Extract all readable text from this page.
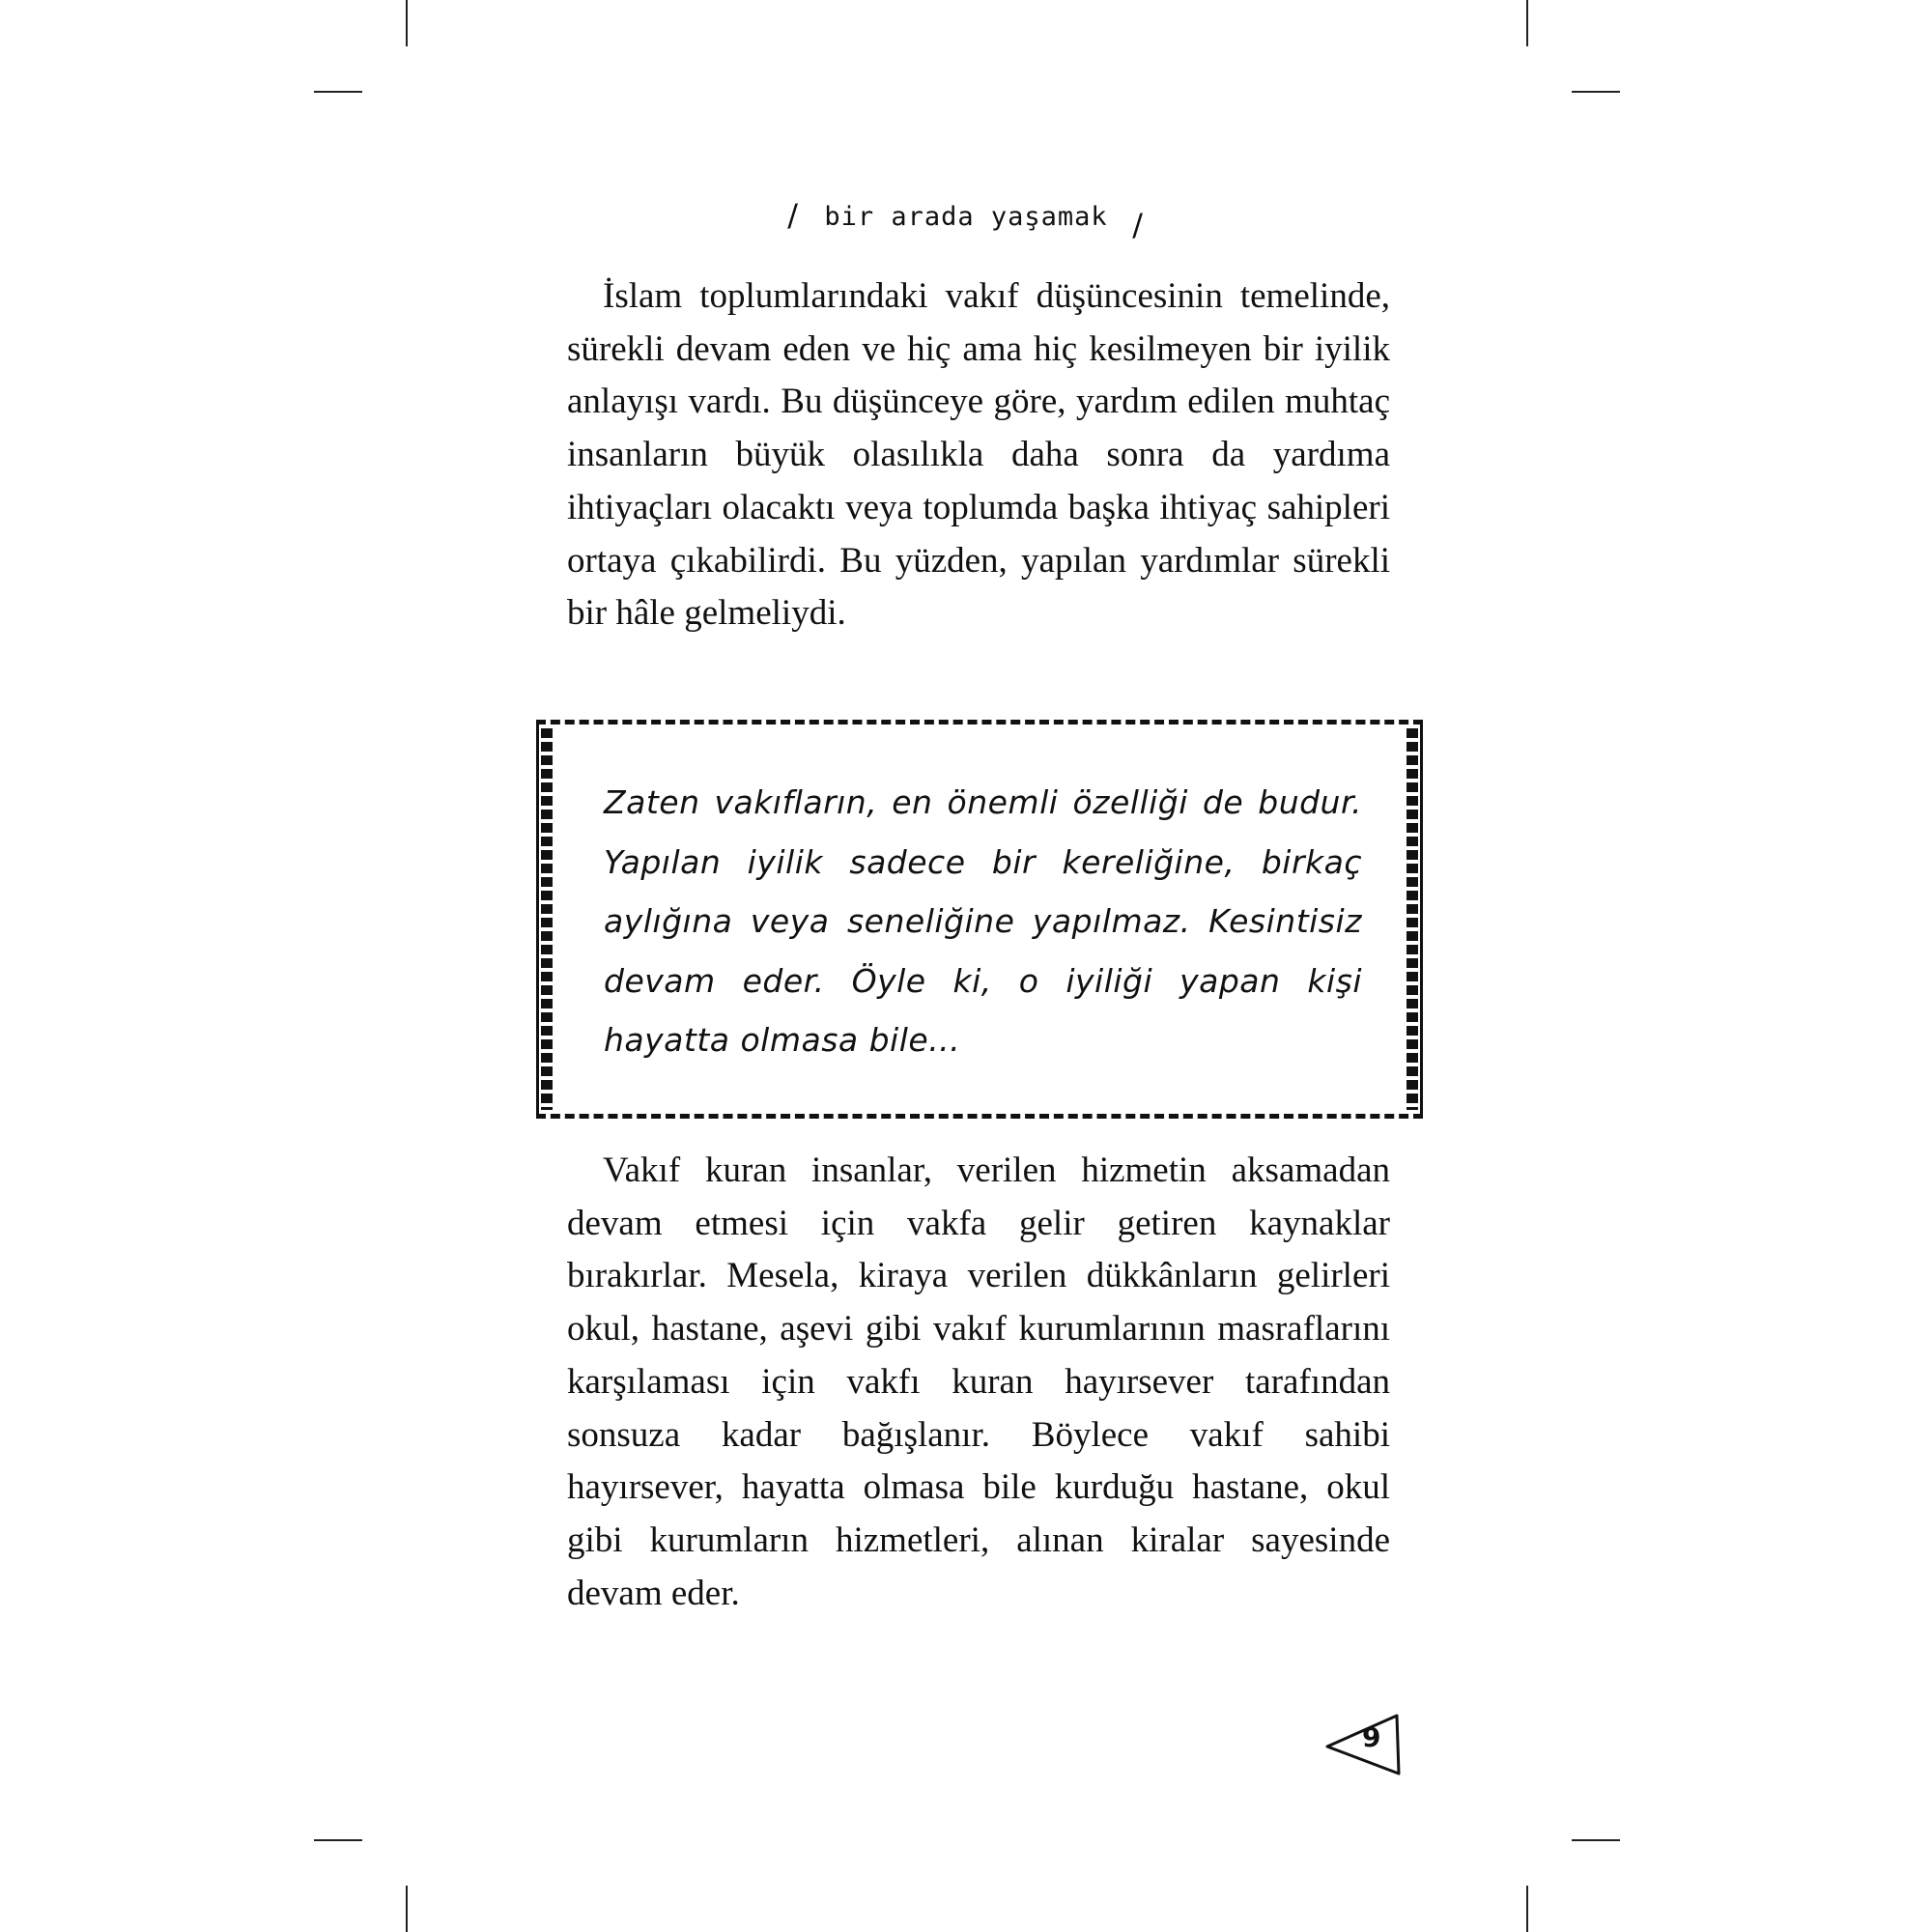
/ bir arada yaşamak /

İslam toplumlarındaki vakıf düşüncesinin temelinde, sürekli devam eden ve hiç ama hiç kesilmeyen bir iyilik anlayışı vardı. Bu düşünceye göre, yardım edilen muhtaç insanların büyük olasılıkla daha sonra da yardıma ihtiyaçları olacaktı veya toplumda başka ihtiyaç sahipleri ortaya çıkabilirdi. Bu yüzden, yapılan yardımlar sürekli bir hâle gelmeliydi.

Zaten vakıfların, en önemli özelliği de budur. Yapılan iyilik sadece bir kereliğine, birkaç aylığına veya seneliğine yapılmaz. Kesintisiz devam eder. Öyle ki, o iyiliği yapan kişi hayatta olmasa bile...

Vakıf kuran insanlar, verilen hizmetin aksamadan devam etmesi için vakfa gelir getiren kaynaklar bırakırlar. Mesela, kiraya verilen dükkânların gelirleri okul, hastane, aşevi gibi vakıf kurumlarının masraflarını karşılaması için vakfı kuran hayırsever tarafından sonsuza kadar bağışlanır. Böylece vakıf sahibi hayırsever, hayatta olmasa bile kurduğu hastane, okul gibi kurumların hizmetleri, alınan kiralar sayesinde devam eder.

9
